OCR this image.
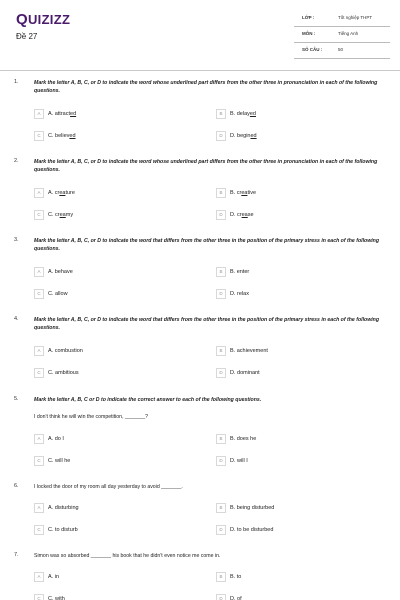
QUIZIZZ
Đề 27
LỚP :	Tốt nghiệp THPT
MÔN :	Tiếng Anh
SỐ CÂU :	50
1.	Mark the letter A, B, C, or D to indicate the word whose underlined part differs from the other three in pronunciation in each of the following questions.
A	A. attracted	B	B. delayed
C	C. believed	D	D. begined
2.	Mark the letter A, B, C, or D to indicate the word whose underlined part differs from the other three in pronunciation in each of the following questions.
A	A. creature	B	B. creative
C	C. creamy	D	D. crease
3.	Mark the letter A, B, C, or D to indicate the word that differs from the other three in the position of the primary stress in each of the following questions.
A	A. behave	B	B. enter
C	C. allow	D	D. relax
4.	Mark the letter A, B, C, or D to indicate the word that differs from the other three in the position of the primary stress in each of the following questions.
A	A. combustion	B	B. achievement
C	C. ambitious	D	D. dominant
5.	Mark the letter A, B, C or D to indicate the correct answer to each of the following questions.
I don't think he will win the competition, _______?
A	A. do I	B	B. does he
C	C. will he	D	D. will I
6.	I locked the door of my room all day yesterday to avoid _______.
A	A. disturbing	B	B. being disturbed
C	C. to disturb	D	D. to be disturbed
7.	Simon was so absorbed _______ his book that he didn't even notice me come in.
A	A. in	B	B. to
C	C. with	D	D. of
